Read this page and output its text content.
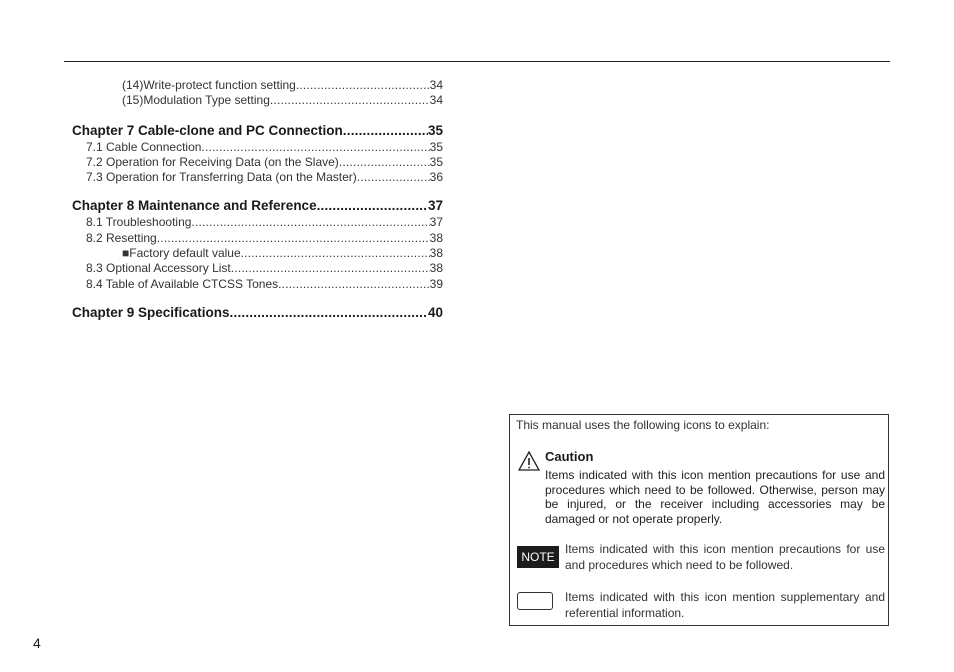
(14)Write-protect function setting .....	34
(15)Modulation Type setting .....	34
Chapter 7 Cable-clone and PC Connection .....	35
7.1 Cable Connection .....	35
7.2 Operation for Receiving Data (on the Slave) .....	35
7.3 Operation for Transferring Data (on the Master) .....	36
Chapter 8 Maintenance and Reference .....	37
8.1 Troubleshooting .....	37
8.2 Resetting .....	38
■Factory default value .....	38
8.3 Optional Accessory List .....	38
8.4 Table of Available CTCSS Tones .....	39
Chapter 9 Specifications .....	40
This manual uses the following icons to explain:
Caution
Items indicated with this icon mention precautions for use and procedures which need to be followed. Otherwise, person may be injured, or the receiver including accessories may be damaged or not operate properly.
NOTE
Items indicated with this icon mention precautions for use and procedures which need to be followed.
Items indicated with this icon mention supplementary and referential information.
4
